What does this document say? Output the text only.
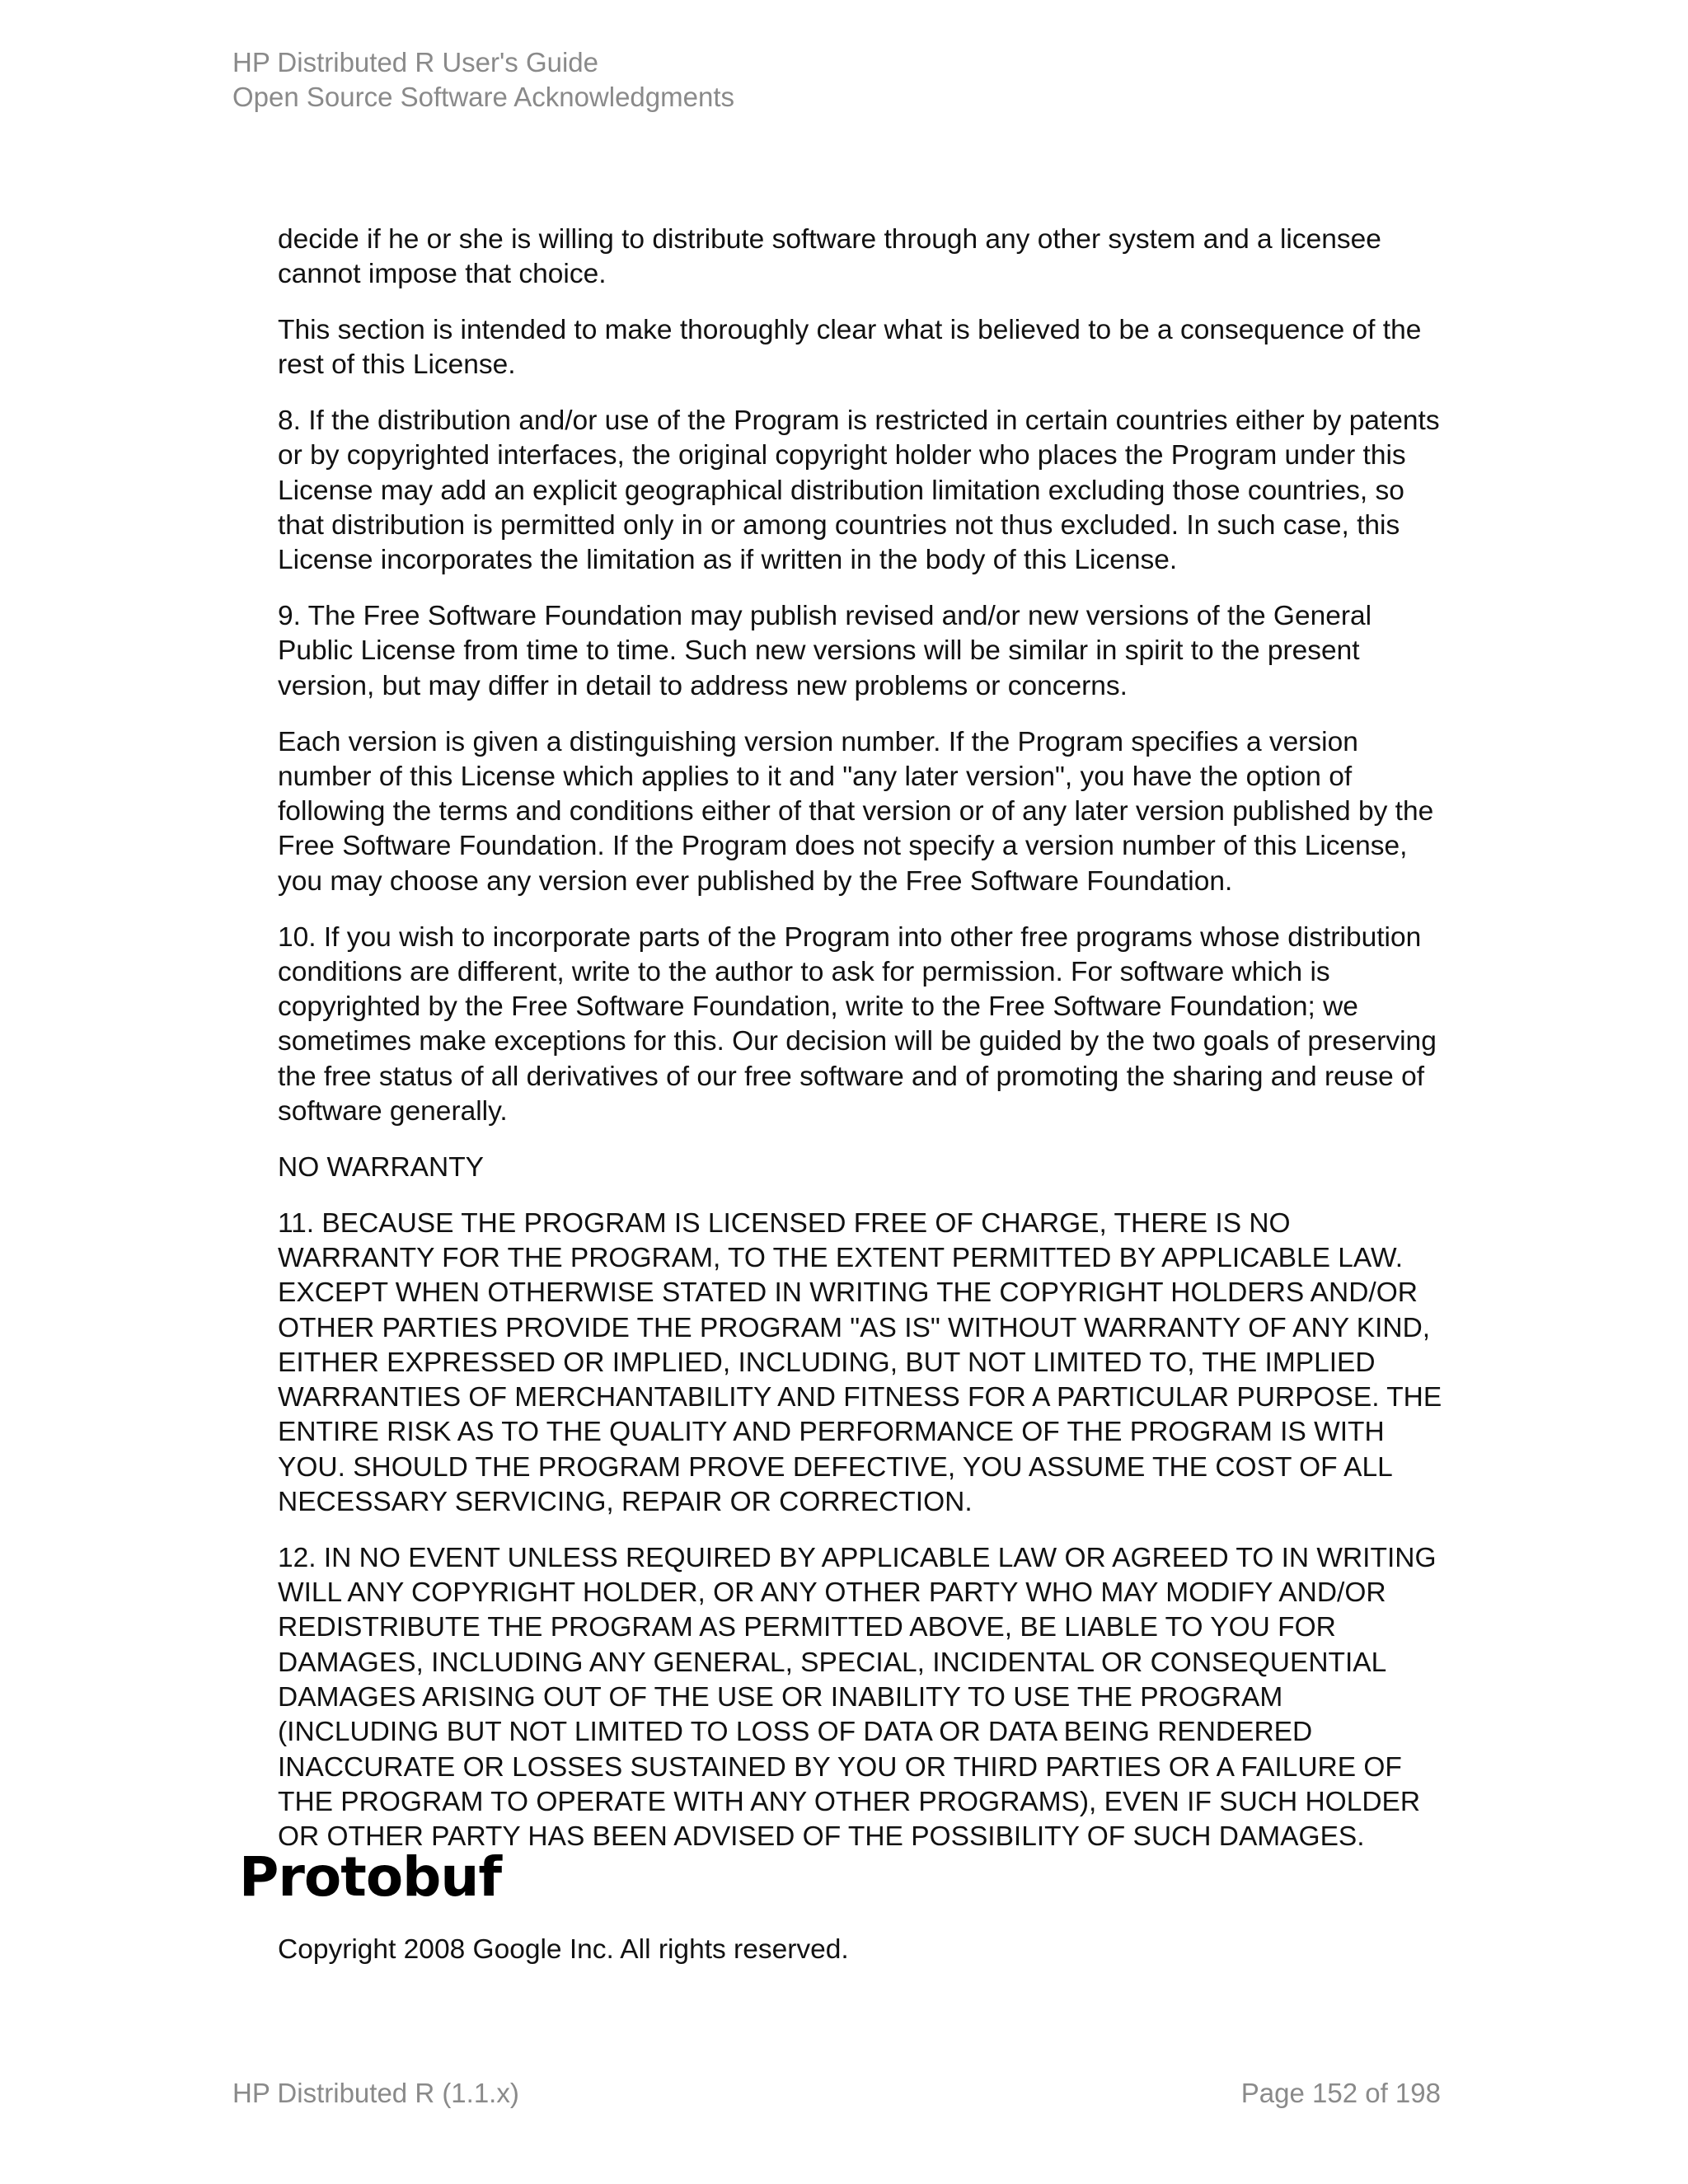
HP Distributed R User's Guide
Open Source Software Acknowledgments

decide if he or she is willing to distribute software through any other system and a licensee cannot impose that choice.

This section is intended to make thoroughly clear what is believed to be a consequence of the rest of this License.

8. If the distribution and/or use of the Program is restricted in certain countries either by patents or by copyrighted interfaces, the original copyright holder who places the Program under this License may add an explicit geographical distribution limitation excluding those countries, so that distribution is permitted only in or among countries not thus excluded. In such case, this License incorporates the limitation as if written in the body of this License.

9. The Free Software Foundation may publish revised and/or new versions of the General Public License from time to time. Such new versions will be similar in spirit to the present version, but may differ in detail to address new problems or concerns.

Each version is given a distinguishing version number. If the Program specifies a version number of this License which applies to it and "any later version", you have the option of following the terms and conditions either of that version or of any later version published by the Free Software Foundation. If the Program does not specify a version number of this License, you may choose any version ever published by the Free Software Foundation.

10. If you wish to incorporate parts of the Program into other free programs whose distribution conditions are different, write to the author to ask for permission. For software which is copyrighted by the Free Software Foundation, write to the Free Software Foundation; we sometimes make exceptions for this. Our decision will be guided by the two goals of preserving the free status of all derivatives of our free software and of promoting the sharing and reuse of software generally.

NO WARRANTY

11. BECAUSE THE PROGRAM IS LICENSED FREE OF CHARGE, THERE IS NO WARRANTY FOR THE PROGRAM, TO THE EXTENT PERMITTED BY APPLICABLE LAW. EXCEPT WHEN OTHERWISE STATED IN WRITING THE COPYRIGHT HOLDERS AND/OR OTHER PARTIES PROVIDE THE PROGRAM "AS IS" WITHOUT WARRANTY OF ANY KIND, EITHER EXPRESSED OR IMPLIED, INCLUDING, BUT NOT LIMITED TO, THE IMPLIED WARRANTIES OF MERCHANTABILITY AND FITNESS FOR A PARTICULAR PURPOSE. THE ENTIRE RISK AS TO THE QUALITY AND PERFORMANCE OF THE PROGRAM IS WITH YOU. SHOULD THE PROGRAM PROVE DEFECTIVE, YOU ASSUME THE COST OF ALL NECESSARY SERVICING, REPAIR OR CORRECTION.

12. IN NO EVENT UNLESS REQUIRED BY APPLICABLE LAW OR AGREED TO IN WRITING WILL ANY COPYRIGHT HOLDER, OR ANY OTHER PARTY WHO MAY MODIFY AND/OR REDISTRIBUTE THE PROGRAM AS PERMITTED ABOVE, BE LIABLE TO YOU FOR DAMAGES, INCLUDING ANY GENERAL, SPECIAL, INCIDENTAL OR CONSEQUENTIAL DAMAGES ARISING OUT OF THE USE OR INABILITY TO USE THE PROGRAM (INCLUDING BUT NOT LIMITED TO LOSS OF DATA OR DATA BEING RENDERED INACCURATE OR LOSSES SUSTAINED BY YOU OR THIRD PARTIES OR A FAILURE OF THE PROGRAM TO OPERATE WITH ANY OTHER PROGRAMS), EVEN IF SUCH HOLDER OR OTHER PARTY HAS BEEN ADVISED OF THE POSSIBILITY OF SUCH DAMAGES.

Protobuf

Copyright 2008 Google Inc. All rights reserved.

HP Distributed R (1.1.x)	Page 152 of 198
